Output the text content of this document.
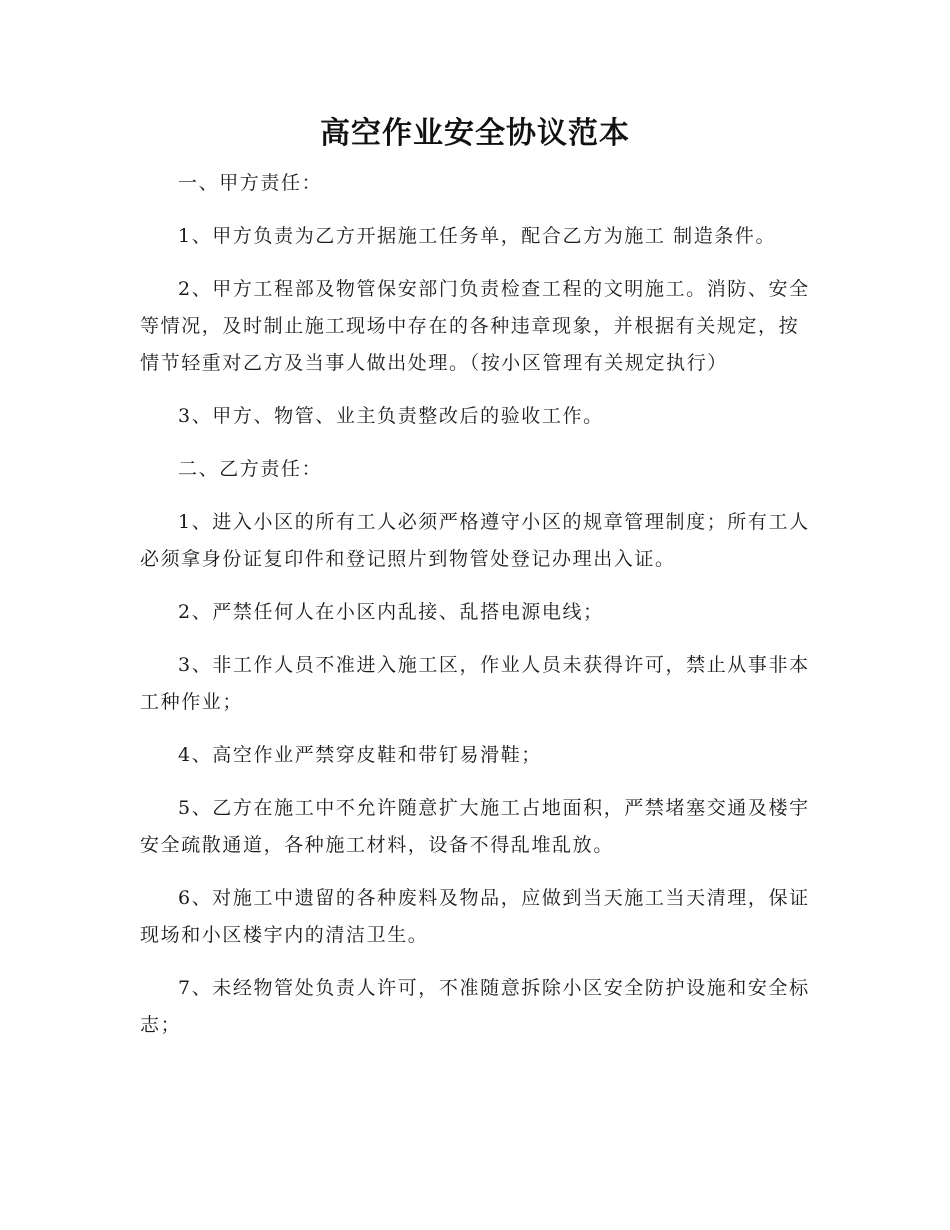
高空作业安全协议范本

一、甲方责任：

1、甲方负责为乙方开据施工任务单，配合乙方为施工 制造条件。

2、甲方工程部及物管保安部门负责检查工程的文明施工。消防、安全等情况，及时制止施工现场中存在的各种违章现象，并根据有关规定，按情节轻重对乙方及当事人做出处理。（按小区管理有关规定执行）

3、甲方、物管、业主负责整改后的验收工作。

二、乙方责任：

1、进入小区的所有工人必须严格遵守小区的规章管理制度；所有工人必须拿身份证复印件和登记照片到物管处登记办理出入证。

2、严禁任何人在小区内乱接、乱搭电源电线；

3、非工作人员不准进入施工区，作业人员未获得许可，禁止从事非本工种作业；

4、高空作业严禁穿皮鞋和带钉易滑鞋；

5、乙方在施工中不允许随意扩大施工占地面积，严禁堵塞交通及楼宇安全疏散通道，各种施工材料，设备不得乱堆乱放。

6、对施工中遗留的各种废料及物品，应做到当天施工当天清理，保证现场和小区楼宇内的清洁卫生。

7、未经物管处负责人许可，不准随意拆除小区安全防护设施和安全标志；
